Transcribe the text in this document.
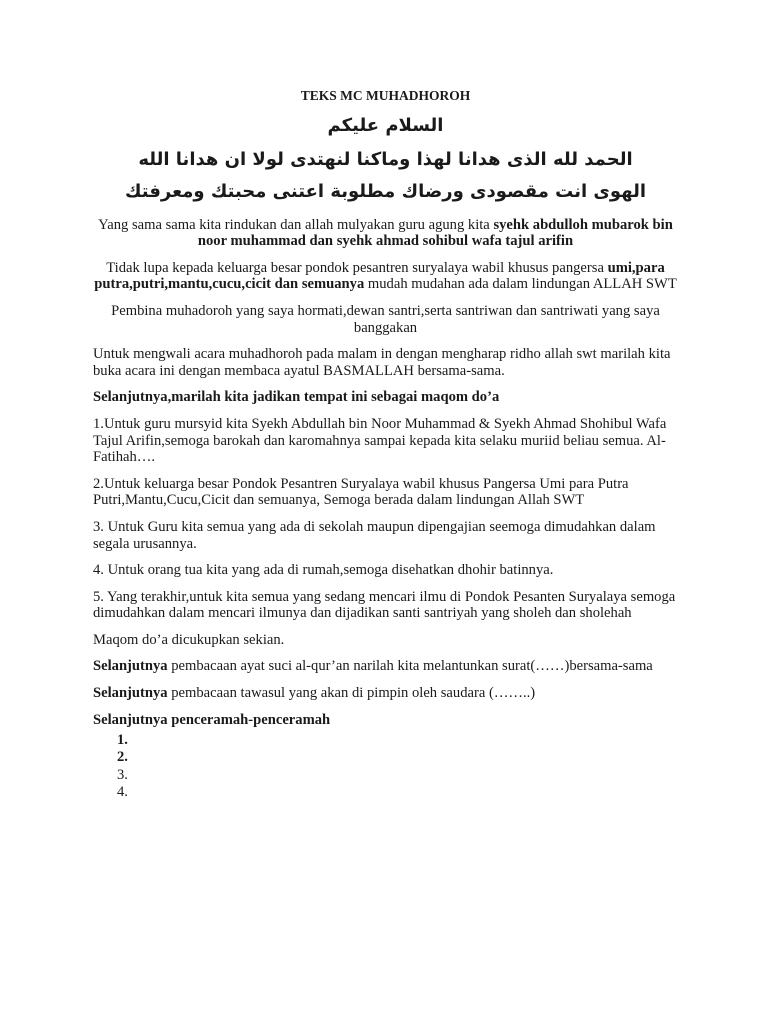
TEKS MC MUHADHOROH

السلام عليكم

الحمد لله الذى هدانا لهذا وماكنا لنهتدى لولا ان هدانا الله

الهوى انت مقصودى ورضاك مطلوبة اعتنى محبتك ومعرفتك

Yang sama sama kita rindukan dan allah mulyakan guru agung kita syehk abdulloh mubarok bin noor muhammad dan syehk ahmad sohibul wafa tajul arifin

Tidak lupa kepada keluarga besar pondok pesantren suryalaya wabil khusus pangersa umi,para putra,putri,mantu,cucu,cicit dan semuanya mudah mudahan ada dalam lindungan ALLAH SWT

Pembina muhadoroh yang saya hormati,dewan santri,serta santriwan dan santriwati yang saya banggakan

Untuk mengwali acara muhadhoroh pada malam in dengan mengharap ridho allah swt marilah kita buka acara ini dengan membaca ayatul BASMALLAH bersama-sama.

Selanjutnya,marilah kita jadikan tempat ini sebagai maqom do’a

1.Untuk guru mursyid kita Syekh Abdullah bin Noor Muhammad & Syekh Ahmad Shohibul Wafa Tajul Arifin,semoga barokah dan karomahnya sampai kepada kita selaku muriid beliau semua. Al-Fatihah….

2.Untuk keluarga besar Pondok Pesantren Suryalaya wabil khusus Pangersa Umi para Putra Putri,Mantu,Cucu,Cicit dan semuanya, Semoga berada dalam lindungan Allah SWT

3. Untuk Guru kita semua yang ada di sekolah maupun dipengajian seemoga dimudahkan dalam segala urusannya.

4. Untuk orang tua kita yang ada di rumah,semoga disehatkan dhohir batinnya.

5. Yang terakhir,untuk kita semua yang sedang mencari ilmu di Pondok Pesanten Suryalaya semoga dimudahkan dalam mencari ilmunya dan dijadikan santi santriyah yang sholeh dan sholehah

Maqom do’a dicukupkan sekian.

Selanjutnya pembacaan ayat suci al-qur’an narilah kita melantunkan surat(……)bersama-sama

Selanjutnya pembacaan tawasul yang akan di pimpin oleh saudara (……..)

Selanjutnya penceramah-penceramah

1.
2.
3.
4.
